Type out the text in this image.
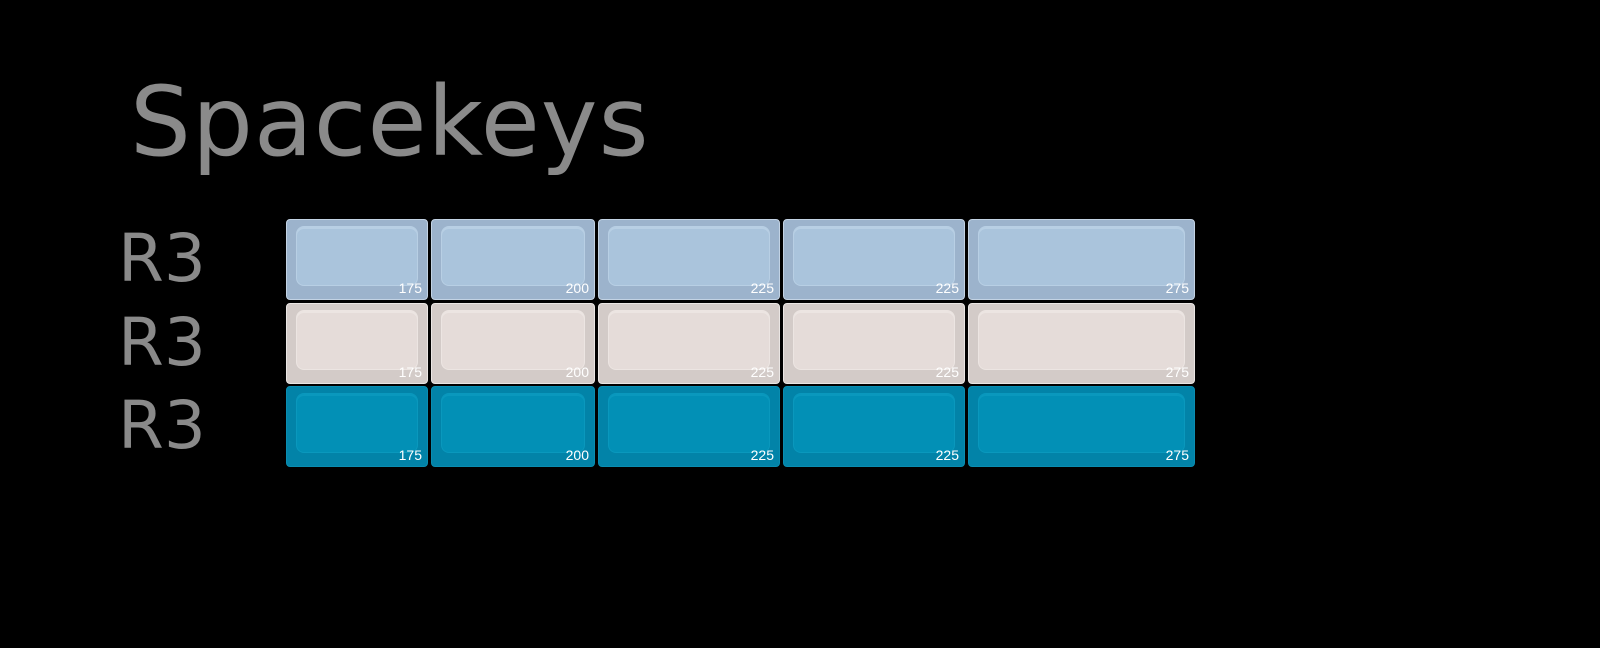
Spacekeys
R3	175	200	225	225	275
R3	175	200	225	225	275
R3	175	200	225	225	275
